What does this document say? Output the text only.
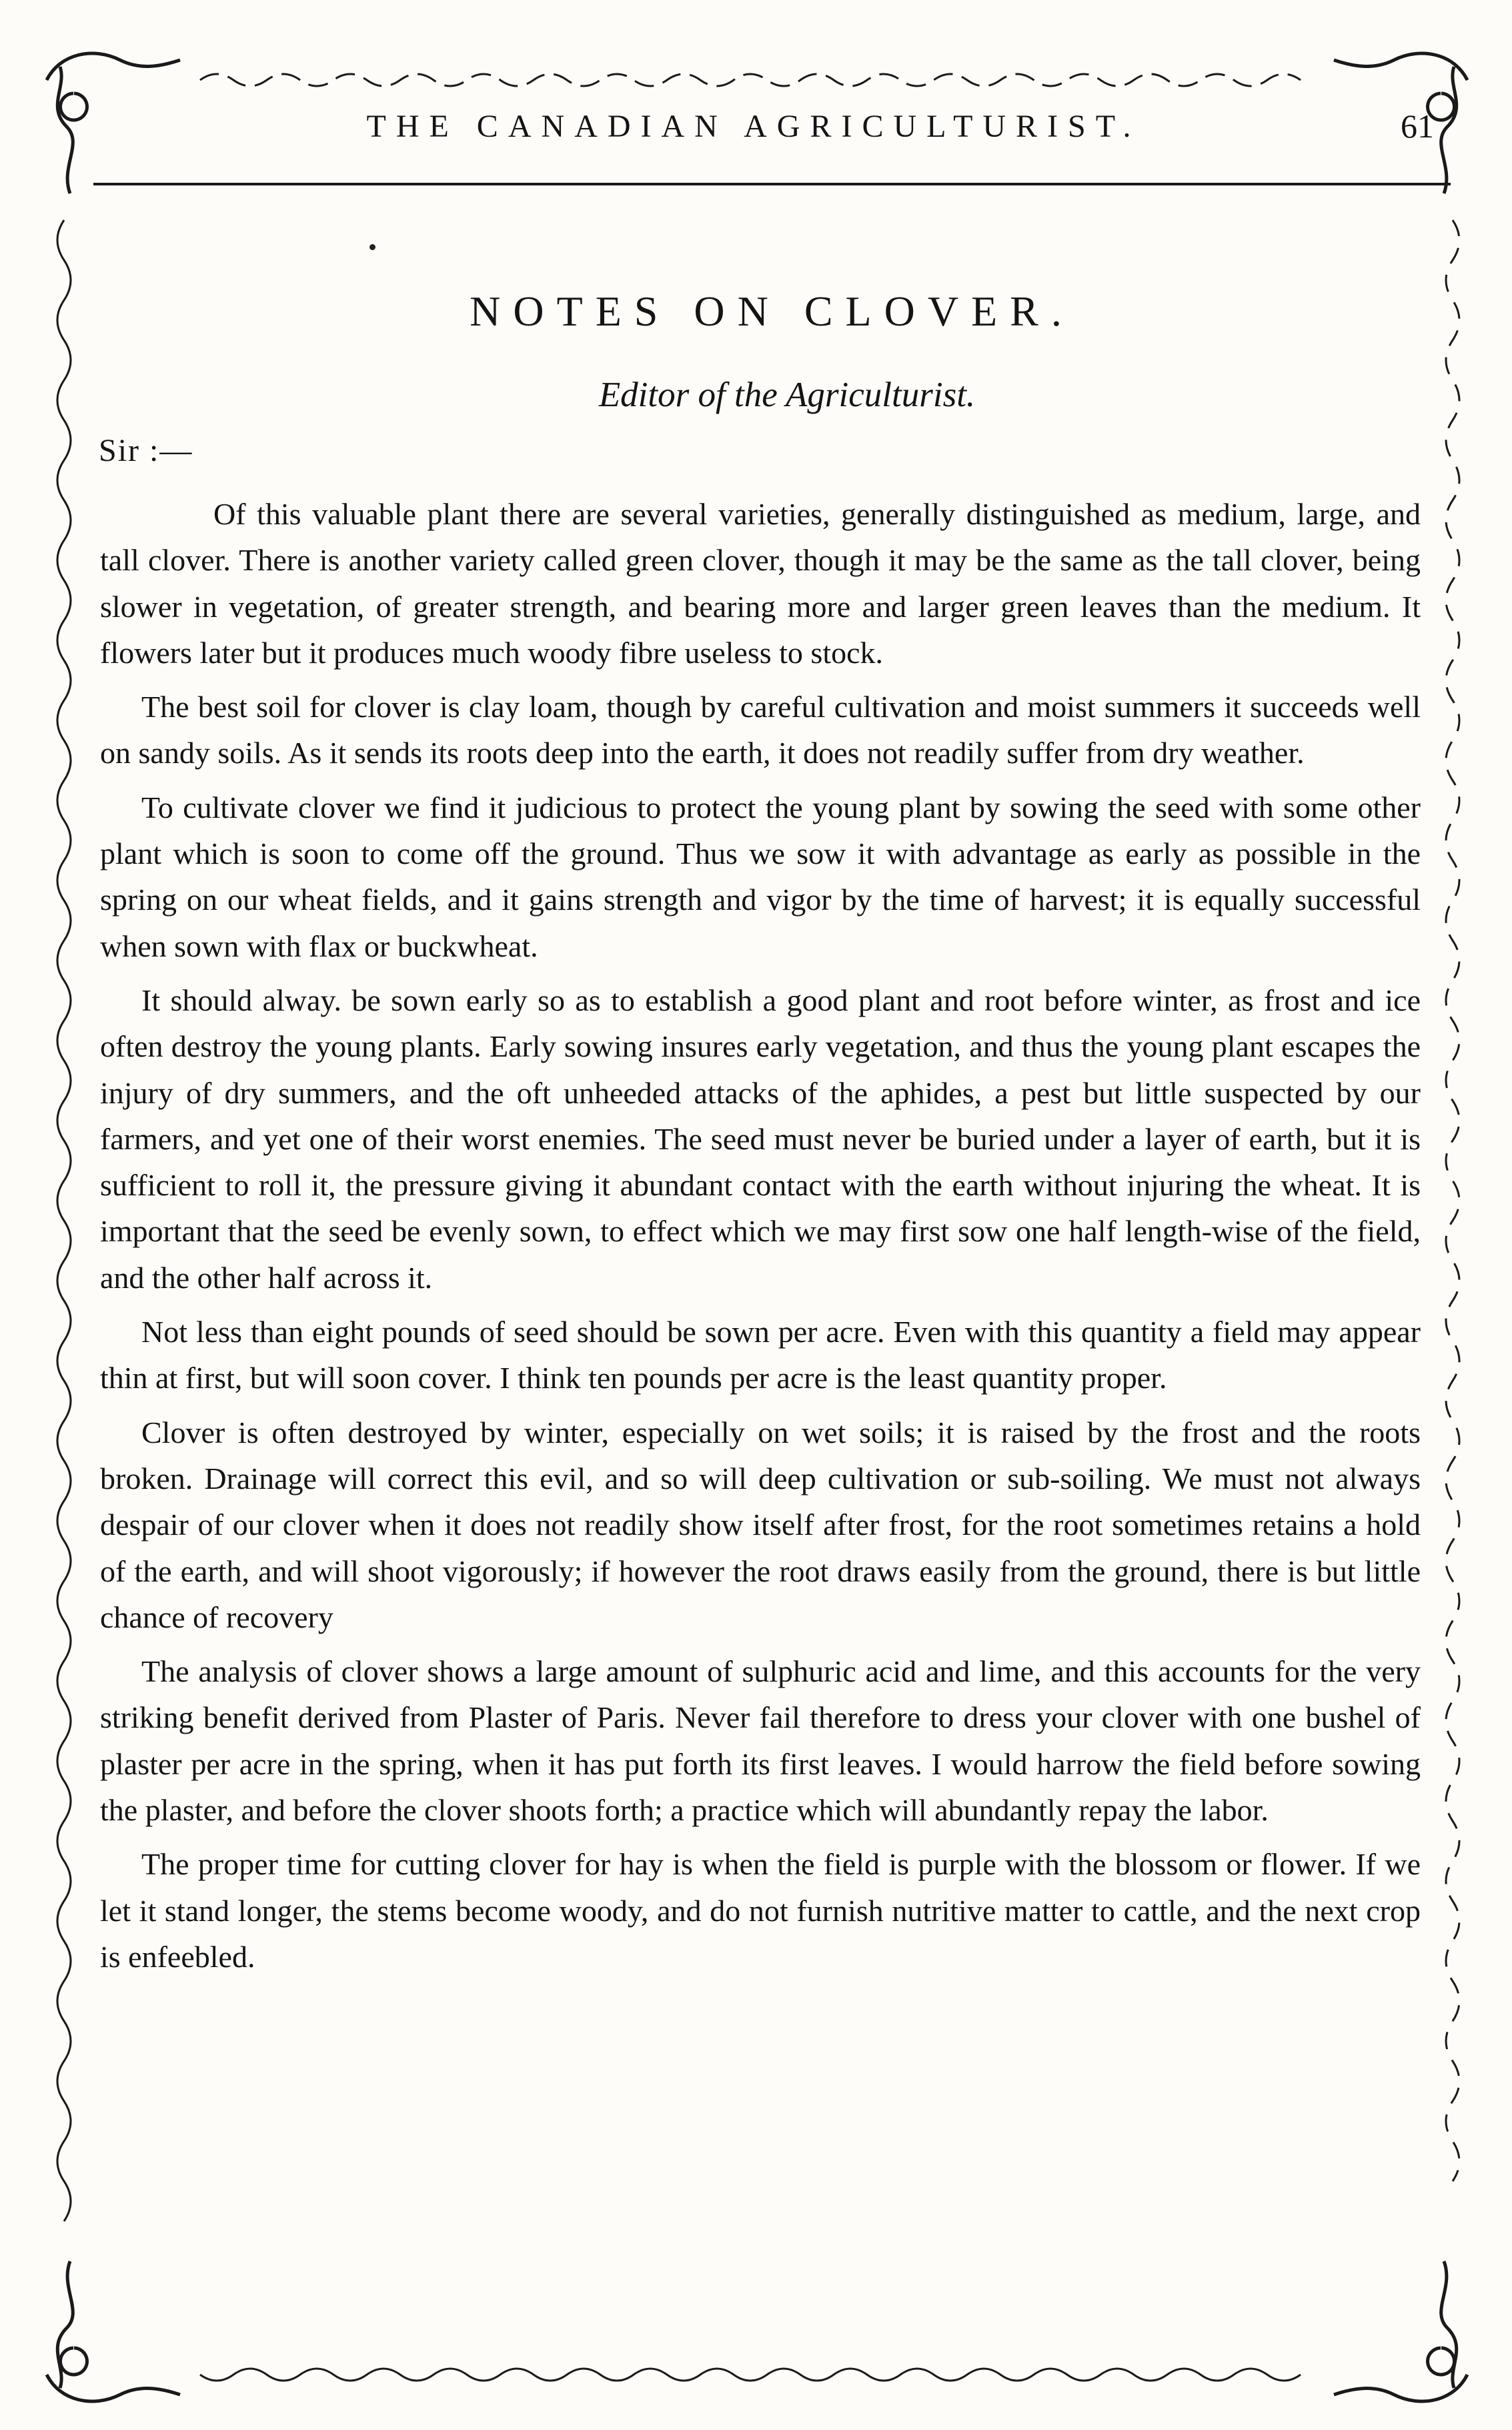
THE CANADIAN AGRICULTURIST.	61
NOTES ON CLOVER.
Editor of the Agriculturist.
Sir :—

Of this valuable plant there are several varieties, generally distinguished as medium, large, and tall clover. There is another variety called green clover, though it may be the same as the tall clover, being slower in vegetation, of greater strength, and bearing more and larger green leaves than the medium. It flowers later but it produces much woody fibre useless to stock.

The best soil for clover is clay loam, though by careful cultivation and moist summers it succeeds well on sandy soils. As it sends its roots deep into the earth, it does not readily suffer from dry weather.

To cultivate clover we find it judicious to protect the young plant by sowing the seed with some other plant which is soon to come off the ground. Thus we sow it with advantage as early as possible in the spring on our wheat fields, and it gains strength and vigor by the time of harvest; it is equally successful when sown with flax or buckwheat.

It should alway. be sown early so as to establish a good plant and root before winter, as frost and ice often destroy the young plants. Early sowing insures early vegetation, and thus the young plant escapes the injury of dry summers, and the oft unheeded attacks of the aphides, a pest but little suspected by our farmers, and yet one of their worst enemies. The seed must never be buried under a layer of earth, but it is sufficient to roll it, the pressure giving it abundant contact with the earth without injuring the wheat. It is important that the seed be evenly sown, to effect which we may first sow one half length-wise of the field, and the other half across it.

Not less than eight pounds of seed should be sown per acre. Even with this quantity a field may appear thin at first, but will soon cover. I think ten pounds per acre is the least quantity proper.

Clover is often destroyed by winter, especially on wet soils; it is raised by the frost and the roots broken. Drainage will correct this evil, and so will deep cultivation or sub-soiling. We must not always despair of our clover when it does not readily show itself after frost, for the root sometimes retains a hold of the earth, and will shoot vigorously; if however the root draws easily from the ground, there is but little chance of recovery

The analysis of clover shows a large amount of sulphuric acid and lime, and this accounts for the very striking benefit derived from Plaster of Paris. Never fail therefore to dress your clover with one bushel of plaster per acre in the spring, when it has put forth its first leaves. I would harrow the field before sowing the plaster, and before the clover shoots forth; a practice which will abundantly repay the labor.

The proper time for cutting clover for hay is when the field is purple with the blossom or flower. If we let it stand longer, the stems become woody, and do not furnish nutritive matter to cattle, and the next crop is enfeebled.
